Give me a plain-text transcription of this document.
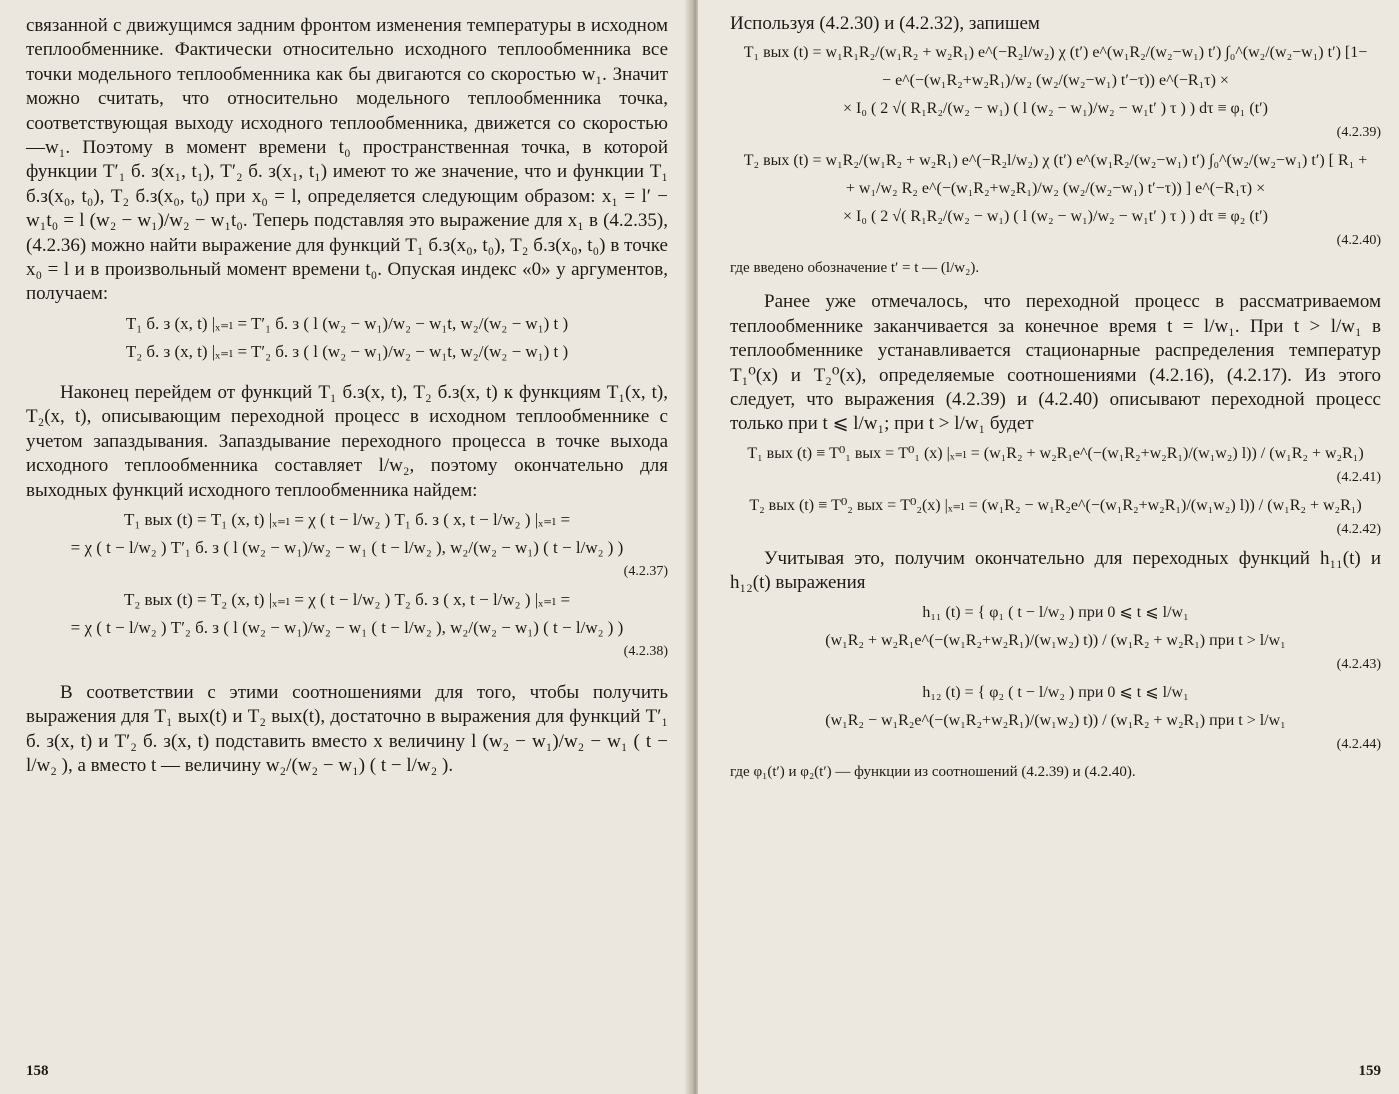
связанной с движущимся задним фронтом изменения температуры в исходном теплообменнике. Фактически относительно исходного теплообменника все точки модельного теплообменника как бы двигаются со скоростью w₁. Значит можно считать, что относительно модельного теплообменника точка, соответствующая выходу исходного теплообменника, движется со скоростью —w₁. Поэтому в момент времени t₀ пространственная точка, в которой функции T′₁ б. з(x₁, t₁), T′₂ б. з(x₁, t₁) имеют то же значение, что и функции T₁ б.з(x₀, t₀), T₂ б.з(x₀, t₀) при x₀ = l, определяется следующим образом: x₁ = l′ − w₁t₀ = l (w₂ − w₁)/w₂ − w₁t₀. Теперь подставляя это выражение для x₁ в (4.2.35), (4.2.36) можно найти выражение для функций T₁ б.з(x₀, t₀), T₂ б.з(x₀, t₀) в точке x₀ = l и в произвольный момент времени t₀. Опуская индекс «0» у аргументов, получаем:

T₁ б. з (x, t) |ₓ₌ₗ = T′₁ б. з ( l (w₂ − w₁)/w₂ − w₁t, w₂/(w₂ − w₁) t )
T₂ б. з (x, t) |ₓ₌ₗ = T′₂ б. з ( l (w₂ − w₁)/w₂ − w₁t, w₂/(w₂ − w₁) t )

Наконец перейдем от функций T₁ б.з(x, t), T₂ б.з(x, t) к функциям T₁(x, t), T₂(x, t), описывающим переходной процесс в исходном теплообменнике с учетом запаздывания. Запаздывание переходного процесса в точке выхода исходного теплообменника составляет l/w₂, поэтому окончательно для выходных функций исходного теплообменника найдем:

T₁ вых (t) = T₁ (x, t) |ₓ₌ₗ = χ ( t − l/w₂ ) T₁ б. з ( x, t − l/w₂ ) |ₓ₌ₗ =
= χ ( t − l/w₂ ) T′₁ б. з ( l (w₂ − w₁)/w₂ − w₁ ( t − l/w₂ ), w₂/(w₂ − w₁) ( t − l/w₂ ) )
(4.2.37)
T₂ вых (t) = T₂ (x, t) |ₓ₌ₗ = χ ( t − l/w₂ ) T₂ б. з ( x, t − l/w₂ ) |ₓ₌ₗ =
= χ ( t − l/w₂ ) T′₂ б. з ( l (w₂ − w₁)/w₂ − w₁ ( t − l/w₂ ), w₂/(w₂ − w₁) ( t − l/w₂ ) )
(4.2.38)

В соответствии с этими соотношениями для того, чтобы получить выражения для T₁ вых(t) и T₂ вых(t), достаточно в выражения для функций T′₁ б. з(x, t) и T′₂ б. з(x, t) подставить вместо x величину l (w₂ − w₁)/w₂ − w₁ ( t − l/w₂ ), а вместо t — величину w₂/(w₂ − w₁) ( t − l/w₂ ).

158

Используя (4.2.30) и (4.2.32), запишем

T₁ вых (t) = w₁R₁R₂/(w₁R₂ + w₂R₁) e^(−R₂l/w₂) χ (t′) e^(w₁R₂/(w₂−w₁) t′) ∫₀^(w₂/(w₂−w₁) t′) [1−
− e^(−(w₁R₂+w₂R₁)/w₂ (w₂/(w₂−w₁) t′−τ)) e^(−R₁τ) ×
× I₀ ( 2 √( R₁R₂/(w₂ − w₁) ( l (w₂ − w₁)/w₂ − w₁t′ ) τ ) ) dτ ≡ φ₁ (t′)
(4.2.39)
T₂ вых (t) = w₁R₂/(w₁R₂ + w₂R₁) e^(−R₂l/w₂) χ (t′) e^(w₁R₂/(w₂−w₁) t′) ∫₀^(w₂/(w₂−w₁) t′) [ R₁ +
+ w₁/w₂ R₂ e^(−(w₁R₂+w₂R₁)/w₂ (w₂/(w₂−w₁) t′−τ)) ] e^(−R₁τ) ×
× I₀ ( 2 √( R₁R₂/(w₂ − w₁) ( l (w₂ − w₁)/w₂ − w₁t′ ) τ ) ) dτ ≡ φ₂ (t′)
(4.2.40)

где введено обозначение t′ = t — (l/w₂).

Ранее уже отмечалось, что переходной процесс в рассматриваемом теплообменнике заканчивается за конечное время t = l/w₁. При t > l/w₁ в теплообменнике устанавливается стационарные распределения температур T₁⁰(x) и T₂⁰(x), определяемые соотношениями (4.2.16), (4.2.17). Из этого следует, что выражения (4.2.39) и (4.2.40) описывают переходной процесс только при t ⩽ l/w₁; при t > l/w₁ будет

T₁ вых (t) ≡ T⁰₁ вых = T⁰₁ (x) |ₓ₌ₗ = (w₁R₂ + w₂R₁e^(−(w₁R₂+w₂R₁)/(w₁w₂) l)) / (w₁R₂ + w₂R₁)
(4.2.41)
T₂ вых (t) ≡ T⁰₂ вых = T⁰₂(x) |ₓ₌ₗ = (w₁R₂ − w₁R₂e^(−(w₁R₂+w₂R₁)/(w₁w₂) l)) / (w₁R₂ + w₂R₁)
(4.2.42)

Учитывая это, получим окончательно для переходных функций h₁₁(t) и h₁₂(t) выражения

h₁₁ (t) = { φ₁ ( t − l/w₂ ) при 0 ⩽ t ⩽ l/w₁
(w₁R₂ + w₂R₁e^(−(w₁R₂+w₂R₁)/(w₁w₂) t)) / (w₁R₂ + w₂R₁) при t > l/w₁
(4.2.43)
h₁₂ (t) = { φ₂ ( t − l/w₂ ) при 0 ⩽ t ⩽ l/w₁
(w₁R₂ − w₁R₂e^(−(w₁R₂+w₂R₁)/(w₁w₂) t)) / (w₁R₂ + w₂R₁) при t > l/w₁
(4.2.44)

где φ₁(t′) и φ₂(t′) — функции из соотношений (4.2.39) и (4.2.40).

159
